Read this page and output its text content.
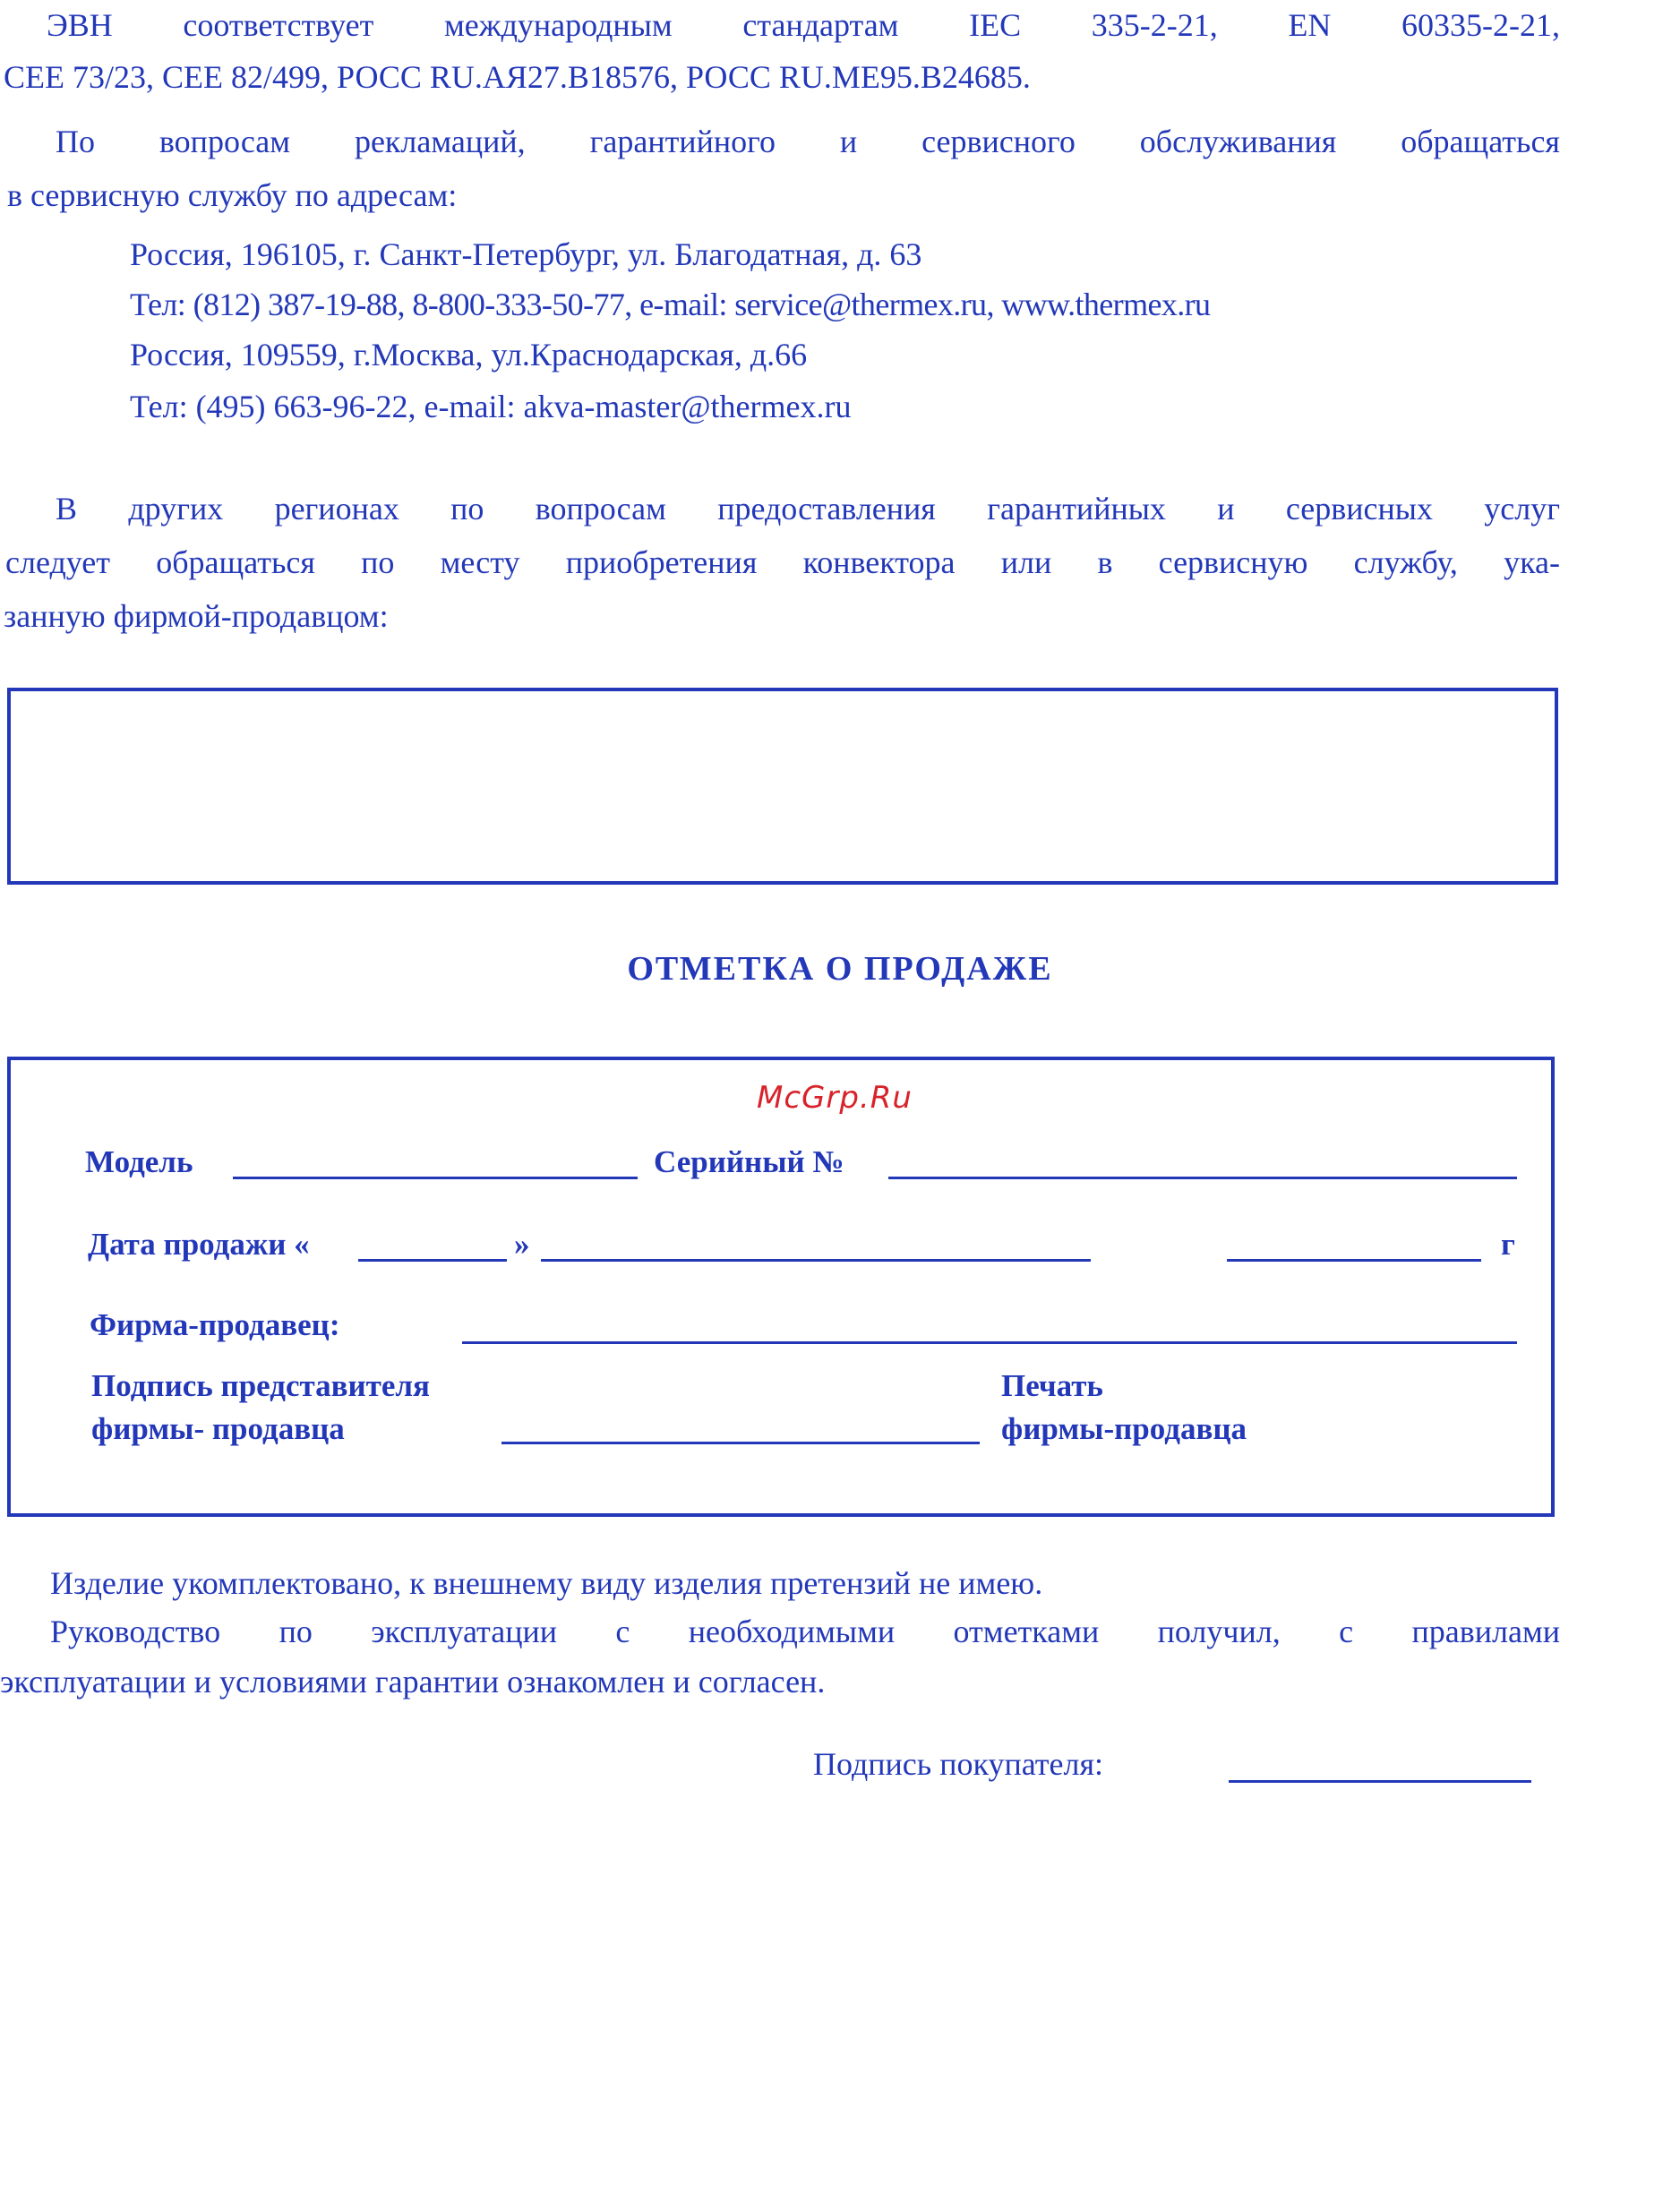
ЭВН соответствует международным стандартам IEC 335-2-21, EN 60335-2-21,
CEE 73/23, CEE 82/499, РОСС RU.АЯ27.В18576, РОСС RU.МЕ95.В24685.
По вопросам рекламаций, гарантийного и сервисного обслуживания обращаться
в сервисную службу по адресам:
Россия, 196105, г. Санкт-Петербург, ул. Благодатная, д. 63
Тел: (812) 387-19-88, 8-800-333-50-77, e-mail: service@thermex.ru, www.thermex.ru
Россия, 109559, г.Москва, ул.Краснодарская, д.66
Тел: (495) 663-96-22, e-mail: akva-master@thermex.ru
В других регионах по вопросам предоставления гарантийных и сервисных услуг
следует обращаться по месту приобретения конвектора или в сервисную службу, ука-
занную фирмой-продавцом:
ОТМЕТКА О ПРОДАЖЕ
McGrp.Ru
Модель	Серийный №
Дата продажи «	»	г
Фирма-продавец:
Подпись представителя
фирмы- продавца
Печать
фирмы-продавца
Изделие укомплектовано, к внешнему виду изделия претензий не имею.
Руководство по эксплуатации с необходимыми отметками получил, с правилами
эксплуатации и условиями гарантии ознакомлен и согласен.
Подпись покупателя:
